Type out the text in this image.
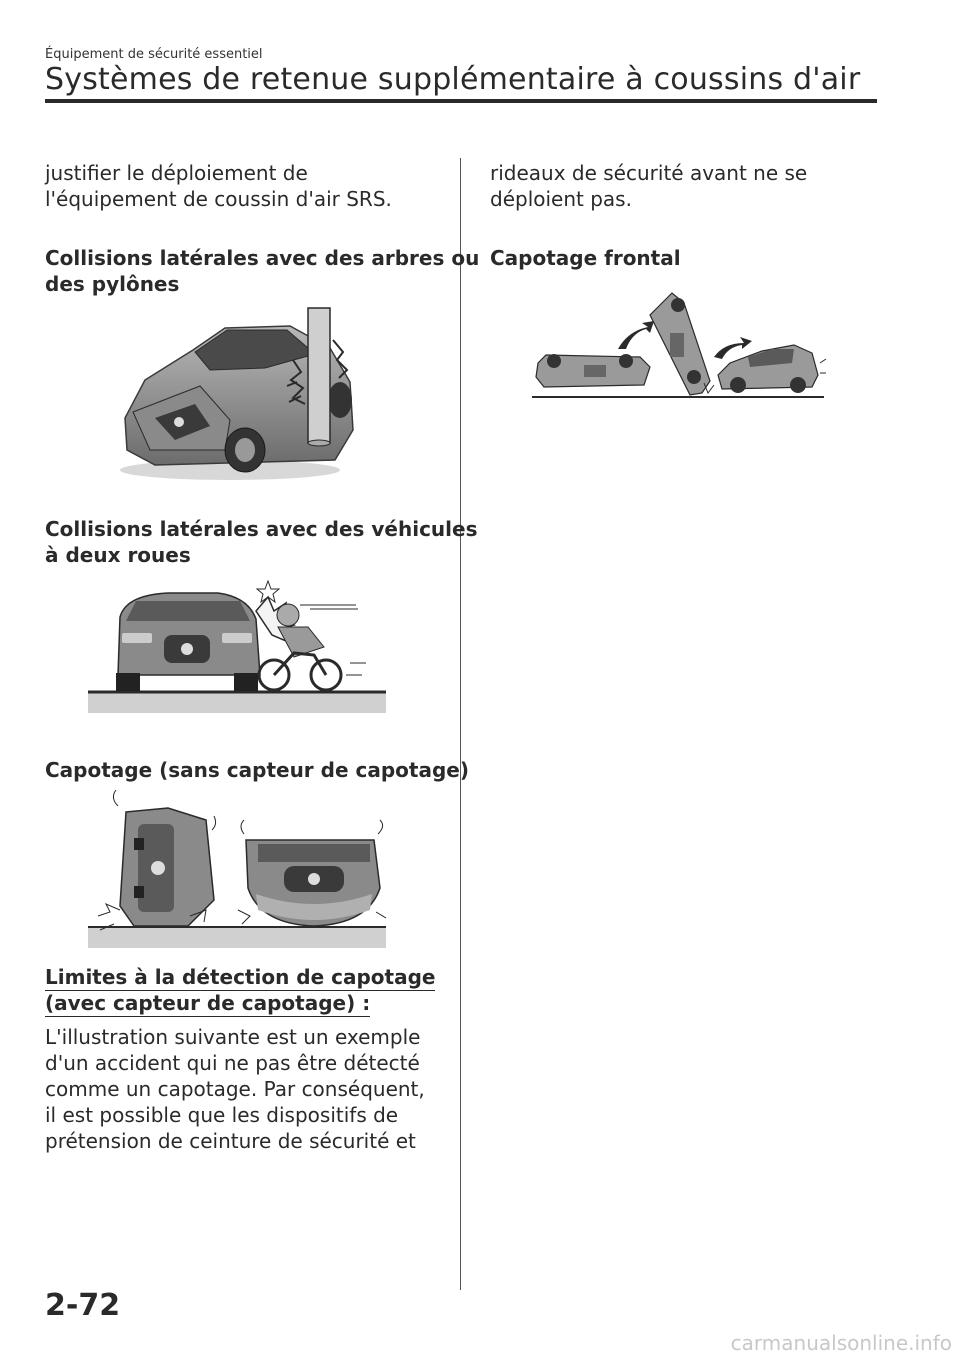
Équipement de sécurité essentiel
Systèmes de retenue supplémentaire à coussins d'air

justifier le déploiement de

l'équipement de coussin d'air SRS.

Collisions latérales avec des arbres ou

des pylônes

Collisions latérales avec des véhicules

à deux roues

Capotage (sans capteur de capotage)

Limites à la détection de capotage
(avec capteur de capotage) :

L'illustration suivante est un exemple

d'un accident qui ne pas être détecté

comme un capotage. Par conséquent,

il est possible que les dispositifs de

prétension de ceinture de sécurité et

rideaux de sécurité avant ne se

déploient pas.

Capotage frontal

2-72
carmanualsonline.info
